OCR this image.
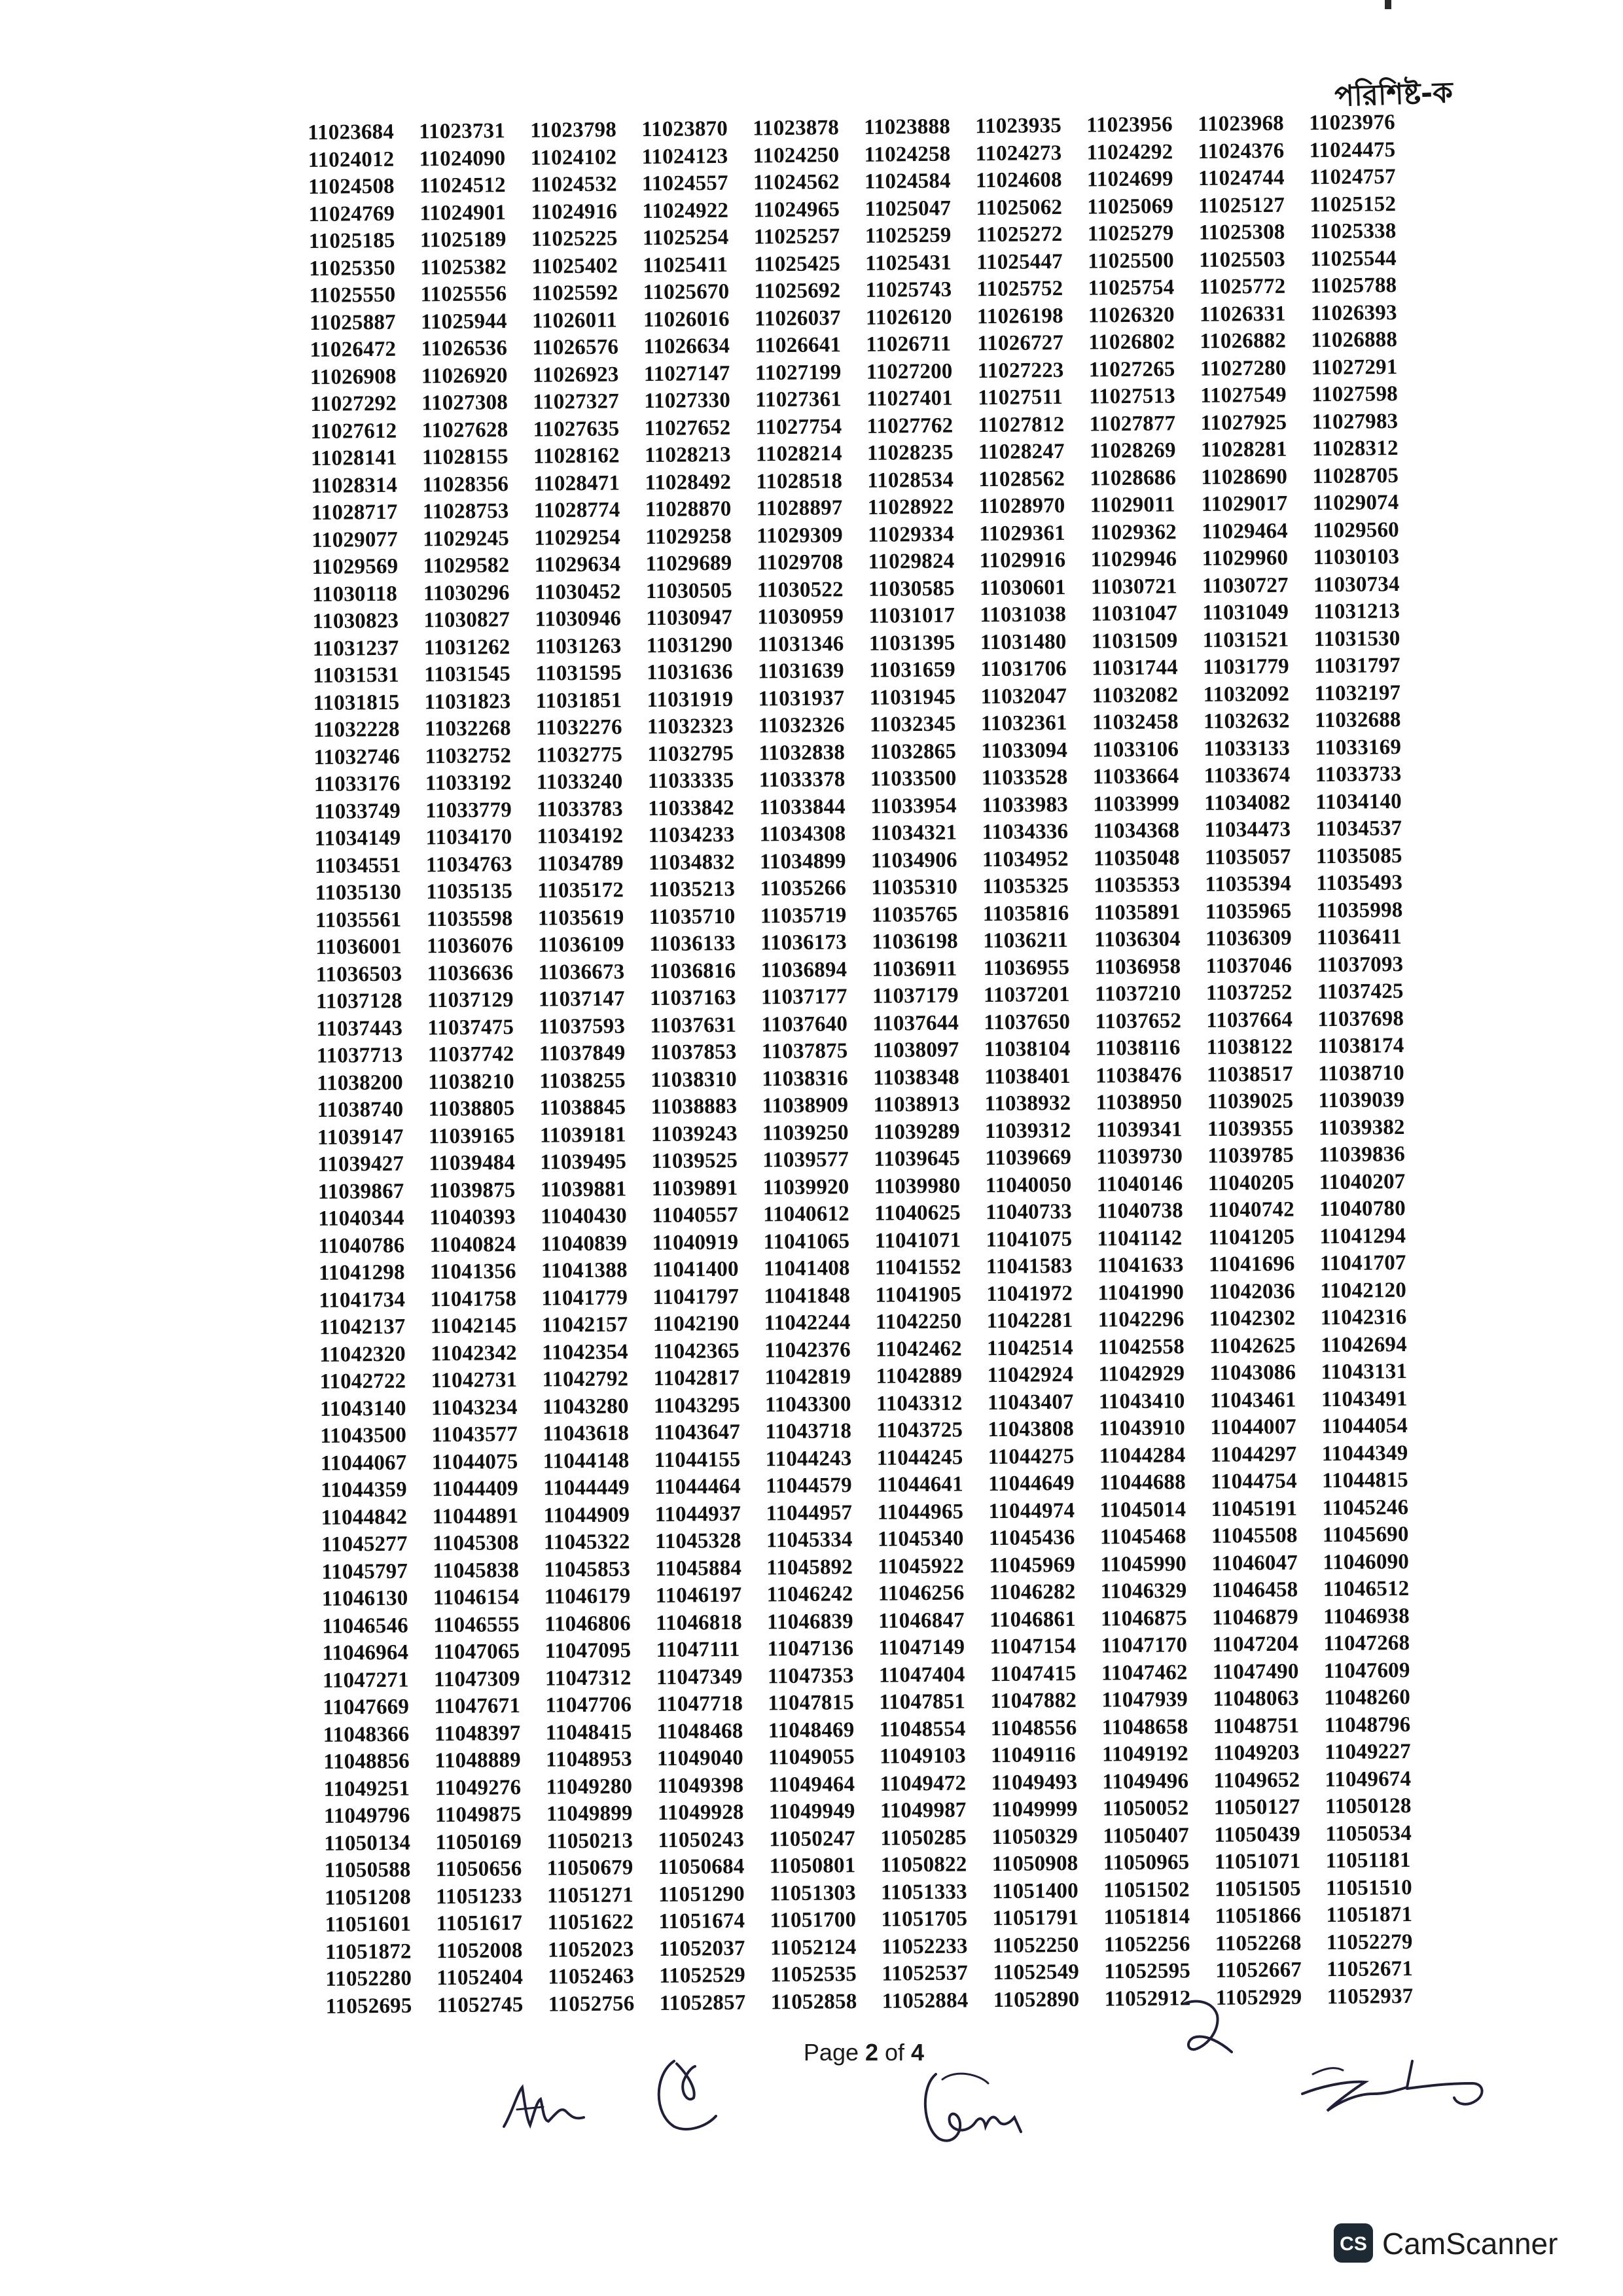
পরিশিষ্ট-ক
11023684	11023731	11023798	11023870	11023878	11023888	11023935	11023956	11023968	11023976
11024012	11024090	11024102	11024123	11024250	11024258	11024273	11024292	11024376	11024475
11024508	11024512	11024532	11024557	11024562	11024584	11024608	11024699	11024744	11024757
11024769	11024901	11024916	11024922	11024965	11025047	11025062	11025069	11025127	11025152
11025185	11025189	11025225	11025254	11025257	11025259	11025272	11025279	11025308	11025338
11025350	11025382	11025402	11025411	11025425	11025431	11025447	11025500	11025503	11025544
11025550	11025556	11025592	11025670	11025692	11025743	11025752	11025754	11025772	11025788
11025887	11025944	11026011	11026016	11026037	11026120	11026198	11026320	11026331	11026393
11026472	11026536	11026576	11026634	11026641	11026711	11026727	11026802	11026882	11026888
11026908	11026920	11026923	11027147	11027199	11027200	11027223	11027265	11027280	11027291
11027292	11027308	11027327	11027330	11027361	11027401	11027511	11027513	11027549	11027598
11027612	11027628	11027635	11027652	11027754	11027762	11027812	11027877	11027925	11027983
11028141	11028155	11028162	11028213	11028214	11028235	11028247	11028269	11028281	11028312
11028314	11028356	11028471	11028492	11028518	11028534	11028562	11028686	11028690	11028705
11028717	11028753	11028774	11028870	11028897	11028922	11028970	11029011	11029017	11029074
11029077	11029245	11029254	11029258	11029309	11029334	11029361	11029362	11029464	11029560
11029569	11029582	11029634	11029689	11029708	11029824	11029916	11029946	11029960	11030103
11030118	11030296	11030452	11030505	11030522	11030585	11030601	11030721	11030727	11030734
11030823	11030827	11030946	11030947	11030959	11031017	11031038	11031047	11031049	11031213
11031237	11031262	11031263	11031290	11031346	11031395	11031480	11031509	11031521	11031530
11031531	11031545	11031595	11031636	11031639	11031659	11031706	11031744	11031779	11031797
11031815	11031823	11031851	11031919	11031937	11031945	11032047	11032082	11032092	11032197
11032228	11032268	11032276	11032323	11032326	11032345	11032361	11032458	11032632	11032688
11032746	11032752	11032775	11032795	11032838	11032865	11033094	11033106	11033133	11033169
11033176	11033192	11033240	11033335	11033378	11033500	11033528	11033664	11033674	11033733
11033749	11033779	11033783	11033842	11033844	11033954	11033983	11033999	11034082	11034140
11034149	11034170	11034192	11034233	11034308	11034321	11034336	11034368	11034473	11034537
11034551	11034763	11034789	11034832	11034899	11034906	11034952	11035048	11035057	11035085
11035130	11035135	11035172	11035213	11035266	11035310	11035325	11035353	11035394	11035493
11035561	11035598	11035619	11035710	11035719	11035765	11035816	11035891	11035965	11035998
11036001	11036076	11036109	11036133	11036173	11036198	11036211	11036304	11036309	11036411
11036503	11036636	11036673	11036816	11036894	11036911	11036955	11036958	11037046	11037093
11037128	11037129	11037147	11037163	11037177	11037179	11037201	11037210	11037252	11037425
11037443	11037475	11037593	11037631	11037640	11037644	11037650	11037652	11037664	11037698
11037713	11037742	11037849	11037853	11037875	11038097	11038104	11038116	11038122	11038174
11038200	11038210	11038255	11038310	11038316	11038348	11038401	11038476	11038517	11038710
11038740	11038805	11038845	11038883	11038909	11038913	11038932	11038950	11039025	11039039
11039147	11039165	11039181	11039243	11039250	11039289	11039312	11039341	11039355	11039382
11039427	11039484	11039495	11039525	11039577	11039645	11039669	11039730	11039785	11039836
11039867	11039875	11039881	11039891	11039920	11039980	11040050	11040146	11040205	11040207
11040344	11040393	11040430	11040557	11040612	11040625	11040733	11040738	11040742	11040780
11040786	11040824	11040839	11040919	11041065	11041071	11041075	11041142	11041205	11041294
11041298	11041356	11041388	11041400	11041408	11041552	11041583	11041633	11041696	11041707
11041734	11041758	11041779	11041797	11041848	11041905	11041972	11041990	11042036	11042120
11042137	11042145	11042157	11042190	11042244	11042250	11042281	11042296	11042302	11042316
11042320	11042342	11042354	11042365	11042376	11042462	11042514	11042558	11042625	11042694
11042722	11042731	11042792	11042817	11042819	11042889	11042924	11042929	11043086	11043131
11043140	11043234	11043280	11043295	11043300	11043312	11043407	11043410	11043461	11043491
11043500	11043577	11043618	11043647	11043718	11043725	11043808	11043910	11044007	11044054
11044067	11044075	11044148	11044155	11044243	11044245	11044275	11044284	11044297	11044349
11044359	11044409	11044449	11044464	11044579	11044641	11044649	11044688	11044754	11044815
11044842	11044891	11044909	11044937	11044957	11044965	11044974	11045014	11045191	11045246
11045277	11045308	11045322	11045328	11045334	11045340	11045436	11045468	11045508	11045690
11045797	11045838	11045853	11045884	11045892	11045922	11045969	11045990	11046047	11046090
11046130	11046154	11046179	11046197	11046242	11046256	11046282	11046329	11046458	11046512
11046546	11046555	11046806	11046818	11046839	11046847	11046861	11046875	11046879	11046938
11046964	11047065	11047095	11047111	11047136	11047149	11047154	11047170	11047204	11047268
11047271	11047309	11047312	11047349	11047353	11047404	11047415	11047462	11047490	11047609
11047669	11047671	11047706	11047718	11047815	11047851	11047882	11047939	11048063	11048260
11048366	11048397	11048415	11048468	11048469	11048554	11048556	11048658	11048751	11048796
11048856	11048889	11048953	11049040	11049055	11049103	11049116	11049192	11049203	11049227
11049251	11049276	11049280	11049398	11049464	11049472	11049493	11049496	11049652	11049674
11049796	11049875	11049899	11049928	11049949	11049987	11049999	11050052	11050127	11050128
11050134	11050169	11050213	11050243	11050247	11050285	11050329	11050407	11050439	11050534
11050588	11050656	11050679	11050684	11050801	11050822	11050908	11050965	11051071	11051181
11051208	11051233	11051271	11051290	11051303	11051333	11051400	11051502	11051505	11051510
11051601	11051617	11051622	11051674	11051700	11051705	11051791	11051814	11051866	11051871
11051872	11052008	11052023	11052037	11052124	11052233	11052250	11052256	11052268	11052279
11052280	11052404	11052463	11052529	11052535	11052537	11052549	11052595	11052667	11052671
11052695	11052745	11052756	11052857	11052858	11052884	11052890	11052912	11052929	11052937
Page 2 of 4
CS CamScanner
